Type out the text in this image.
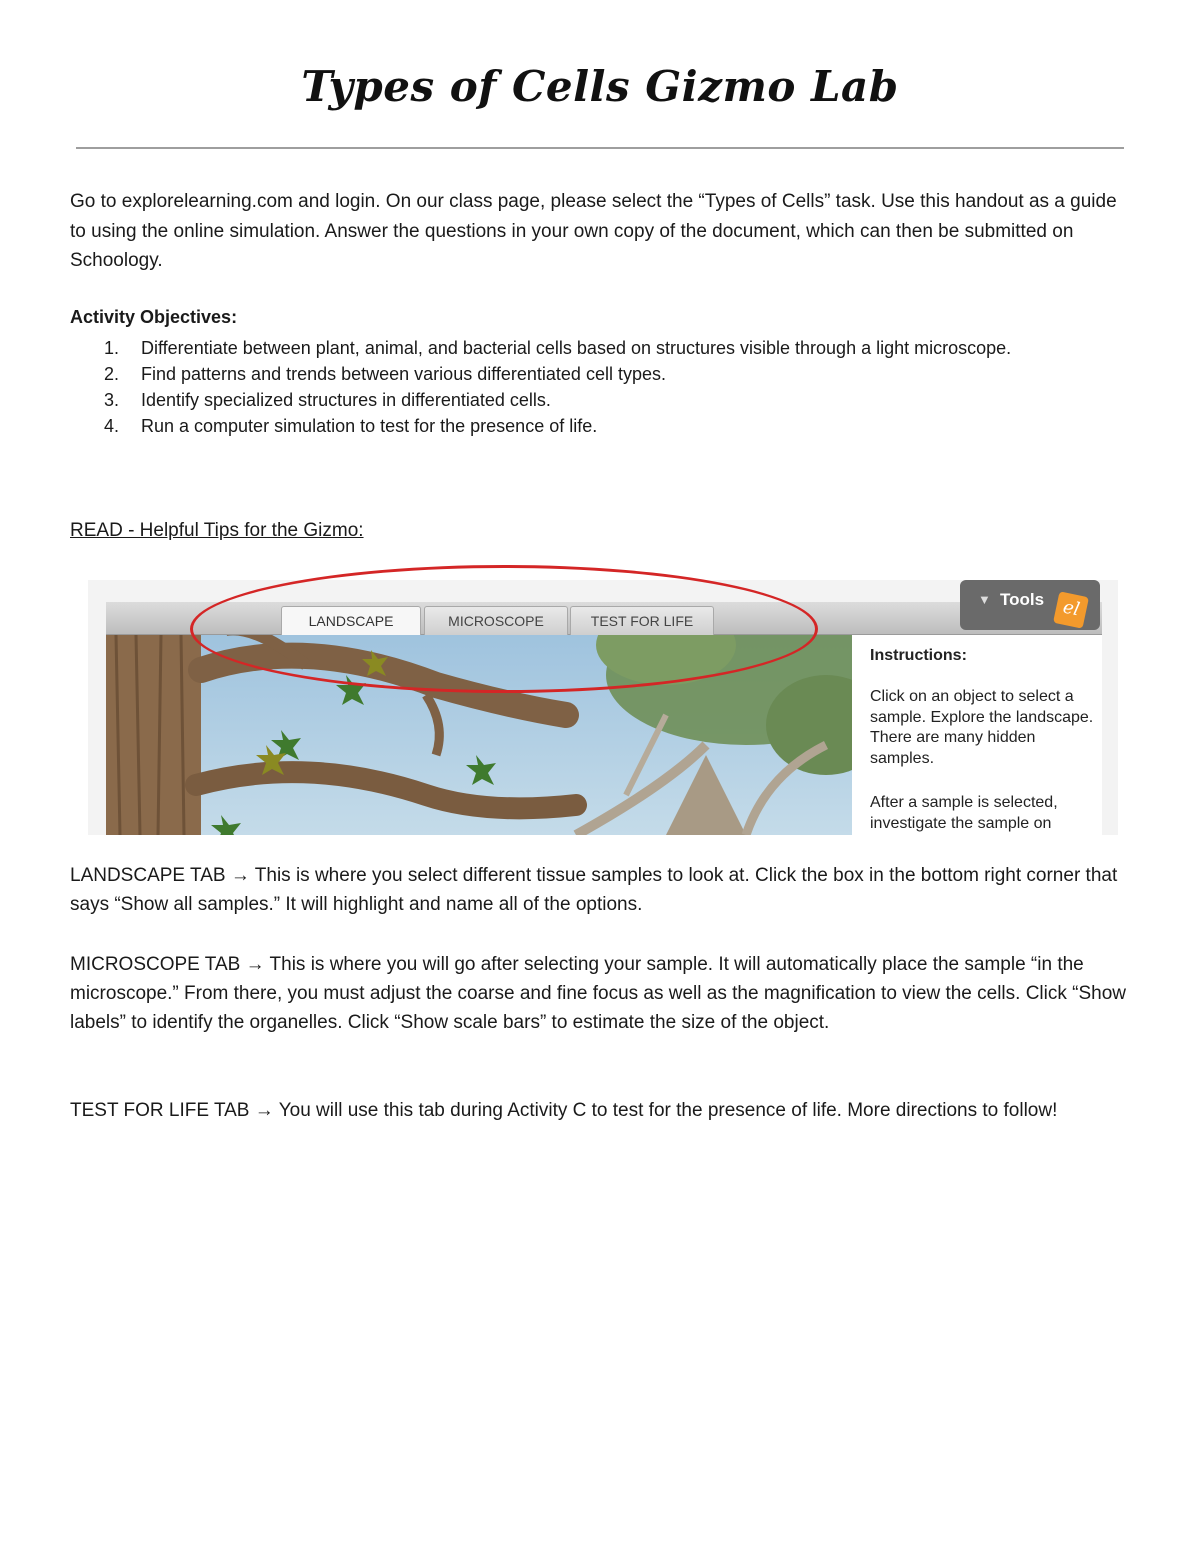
Types of Cells Gizmo Lab

Go to explorelearning.com and login. On our class page, please select the “Types of Cells” task. Use this handout as a guide to using the online simulation. Answer the questions in your own copy of the document, which can then be submitted on Schoology.

Activity Objectives:
1. Differentiate between plant, animal, and bacterial cells based on structures visible through a light microscope.
2. Find patterns and trends between various differentiated cell types.
3. Identify specialized structures in differentiated cells.
4. Run a computer simulation to test for the presence of life.
READ - Helpful Tips for the Gizmo:
LANDSCAPE	MICROSCOPE	TEST FOR LIFE
▼ Tools el
Instructions:
Click on an object to select a sample. Explore the landscape. There are many hidden samples.
After a sample is selected, investigate the sample on

LANDSCAPE TAB → This is where you select different tissue samples to look at. Click the box in the bottom right corner that says “Show all samples.” It will highlight and name all of the options.

MICROSCOPE TAB → This is where you will go after selecting your sample. It will automatically place the sample “in the microscope.” From there, you must adjust the coarse and fine focus as well as the magnification to view the cells. Click “Show labels” to identify the organelles. Click “Show scale bars” to estimate the size of the object.

TEST FOR LIFE TAB → You will use this tab during Activity C to test for the presence of life. More directions to follow!
